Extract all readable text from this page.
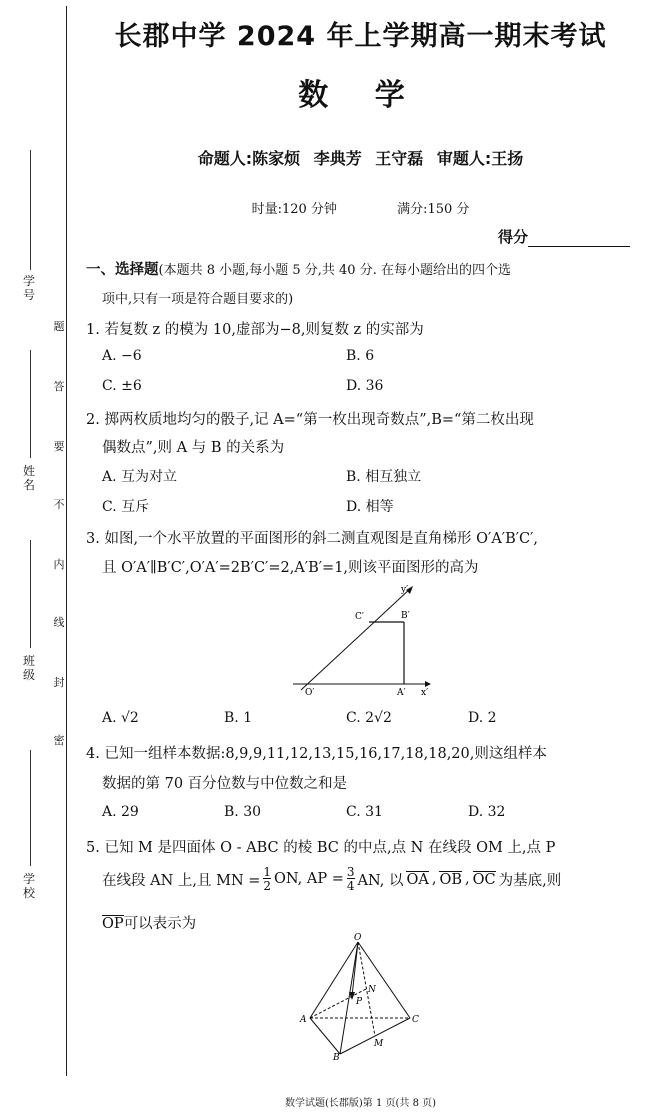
学号
姓名
班级
学校
题
答
要
不
内
线
封
密
长郡中学 2024 年上学期高一期末考试
数 学
命题人:陈家烦 李典芳 王守磊 审题人:王扬
时量:120 分钟	满分:150 分
得分
一、选择题(本题共 8 小题,每小题 5 分,共 40 分. 在每小题给出的四个选
项中,只有一项是符合题目要求的)
1. 若复数 z 的模为 10,虚部为−8,则复数 z 的实部为
A. −6	B. 6
C. ±6	D. 36
2. 掷两枚质地均匀的骰子,记 A=“第一枚出现奇数点”,B=“第二枚出现
偶数点”,则 A 与 B 的关系为
A. 互为对立	B. 相互独立
C. 互斥	D. 相等
3. 如图,一个水平放置的平面图形的斜二测直观图是直角梯形 O′A′B′C′,
且 O′A′∥B′C′,O′A′=2B′C′=2,A′B′=1,则该平面图形的高为
y′
C′	B′
O′	A′ x′
A. √2	B. 1	C. 2√2	D. 2
4. 已知一组样本数据:8,9,9,11,12,13,15,16,17,18,18,20,则这组样本
数据的第 70 百分位数与中位数之和是
A. 29	B. 30	C. 31	D. 32
5. 已知 M 是四面体 O - ABC 的棱 BC 的中点,点 N 在线段 OM 上,点 P
在线段 AN 上,且 MN = $\frac{1}{2}$ ON, AP = $\frac{3}{4}$ AN, 以 OA , OB , OC 为基底,则
OP可以表示为
O
A
B
C
M
N
P
数学试题(长郡版)第 1 页(共 8 页)
